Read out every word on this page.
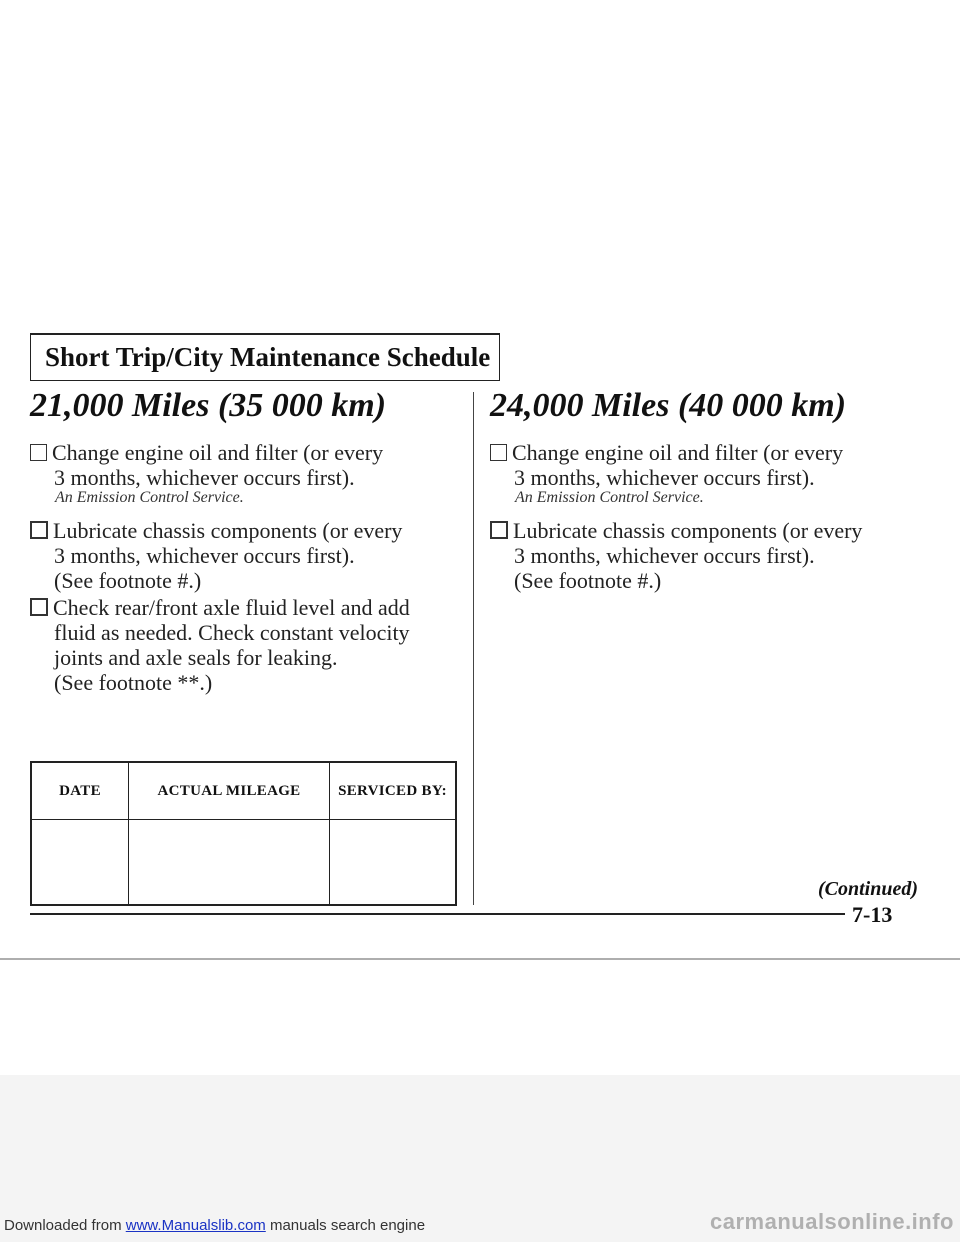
Short Trip/City Maintenance Schedule
21,000 Miles (35 000 km)	24,000 Miles (40 000 km)
Change engine oil and filter (or every
3 months, whichever occurs first).
An Emission Control Service.
Lubricate chassis components (or every
3 months, whichever occurs first).
(See footnote #.)
Check rear/front axle fluid level and add
fluid as needed. Check constant velocity
joints and axle seals for leaking.
(See footnote **.)
DATE	ACTUAL MILEAGE	SERVICED BY:

Change engine oil and filter (or every
3 months, whichever occurs first).
An Emission Control Service.
Lubricate chassis components (or every
3 months, whichever occurs first).
(See footnote #.)
(Continued)
7-13
Downloaded from www.Manualslib.com manuals search engine	carmanualsonline.info
